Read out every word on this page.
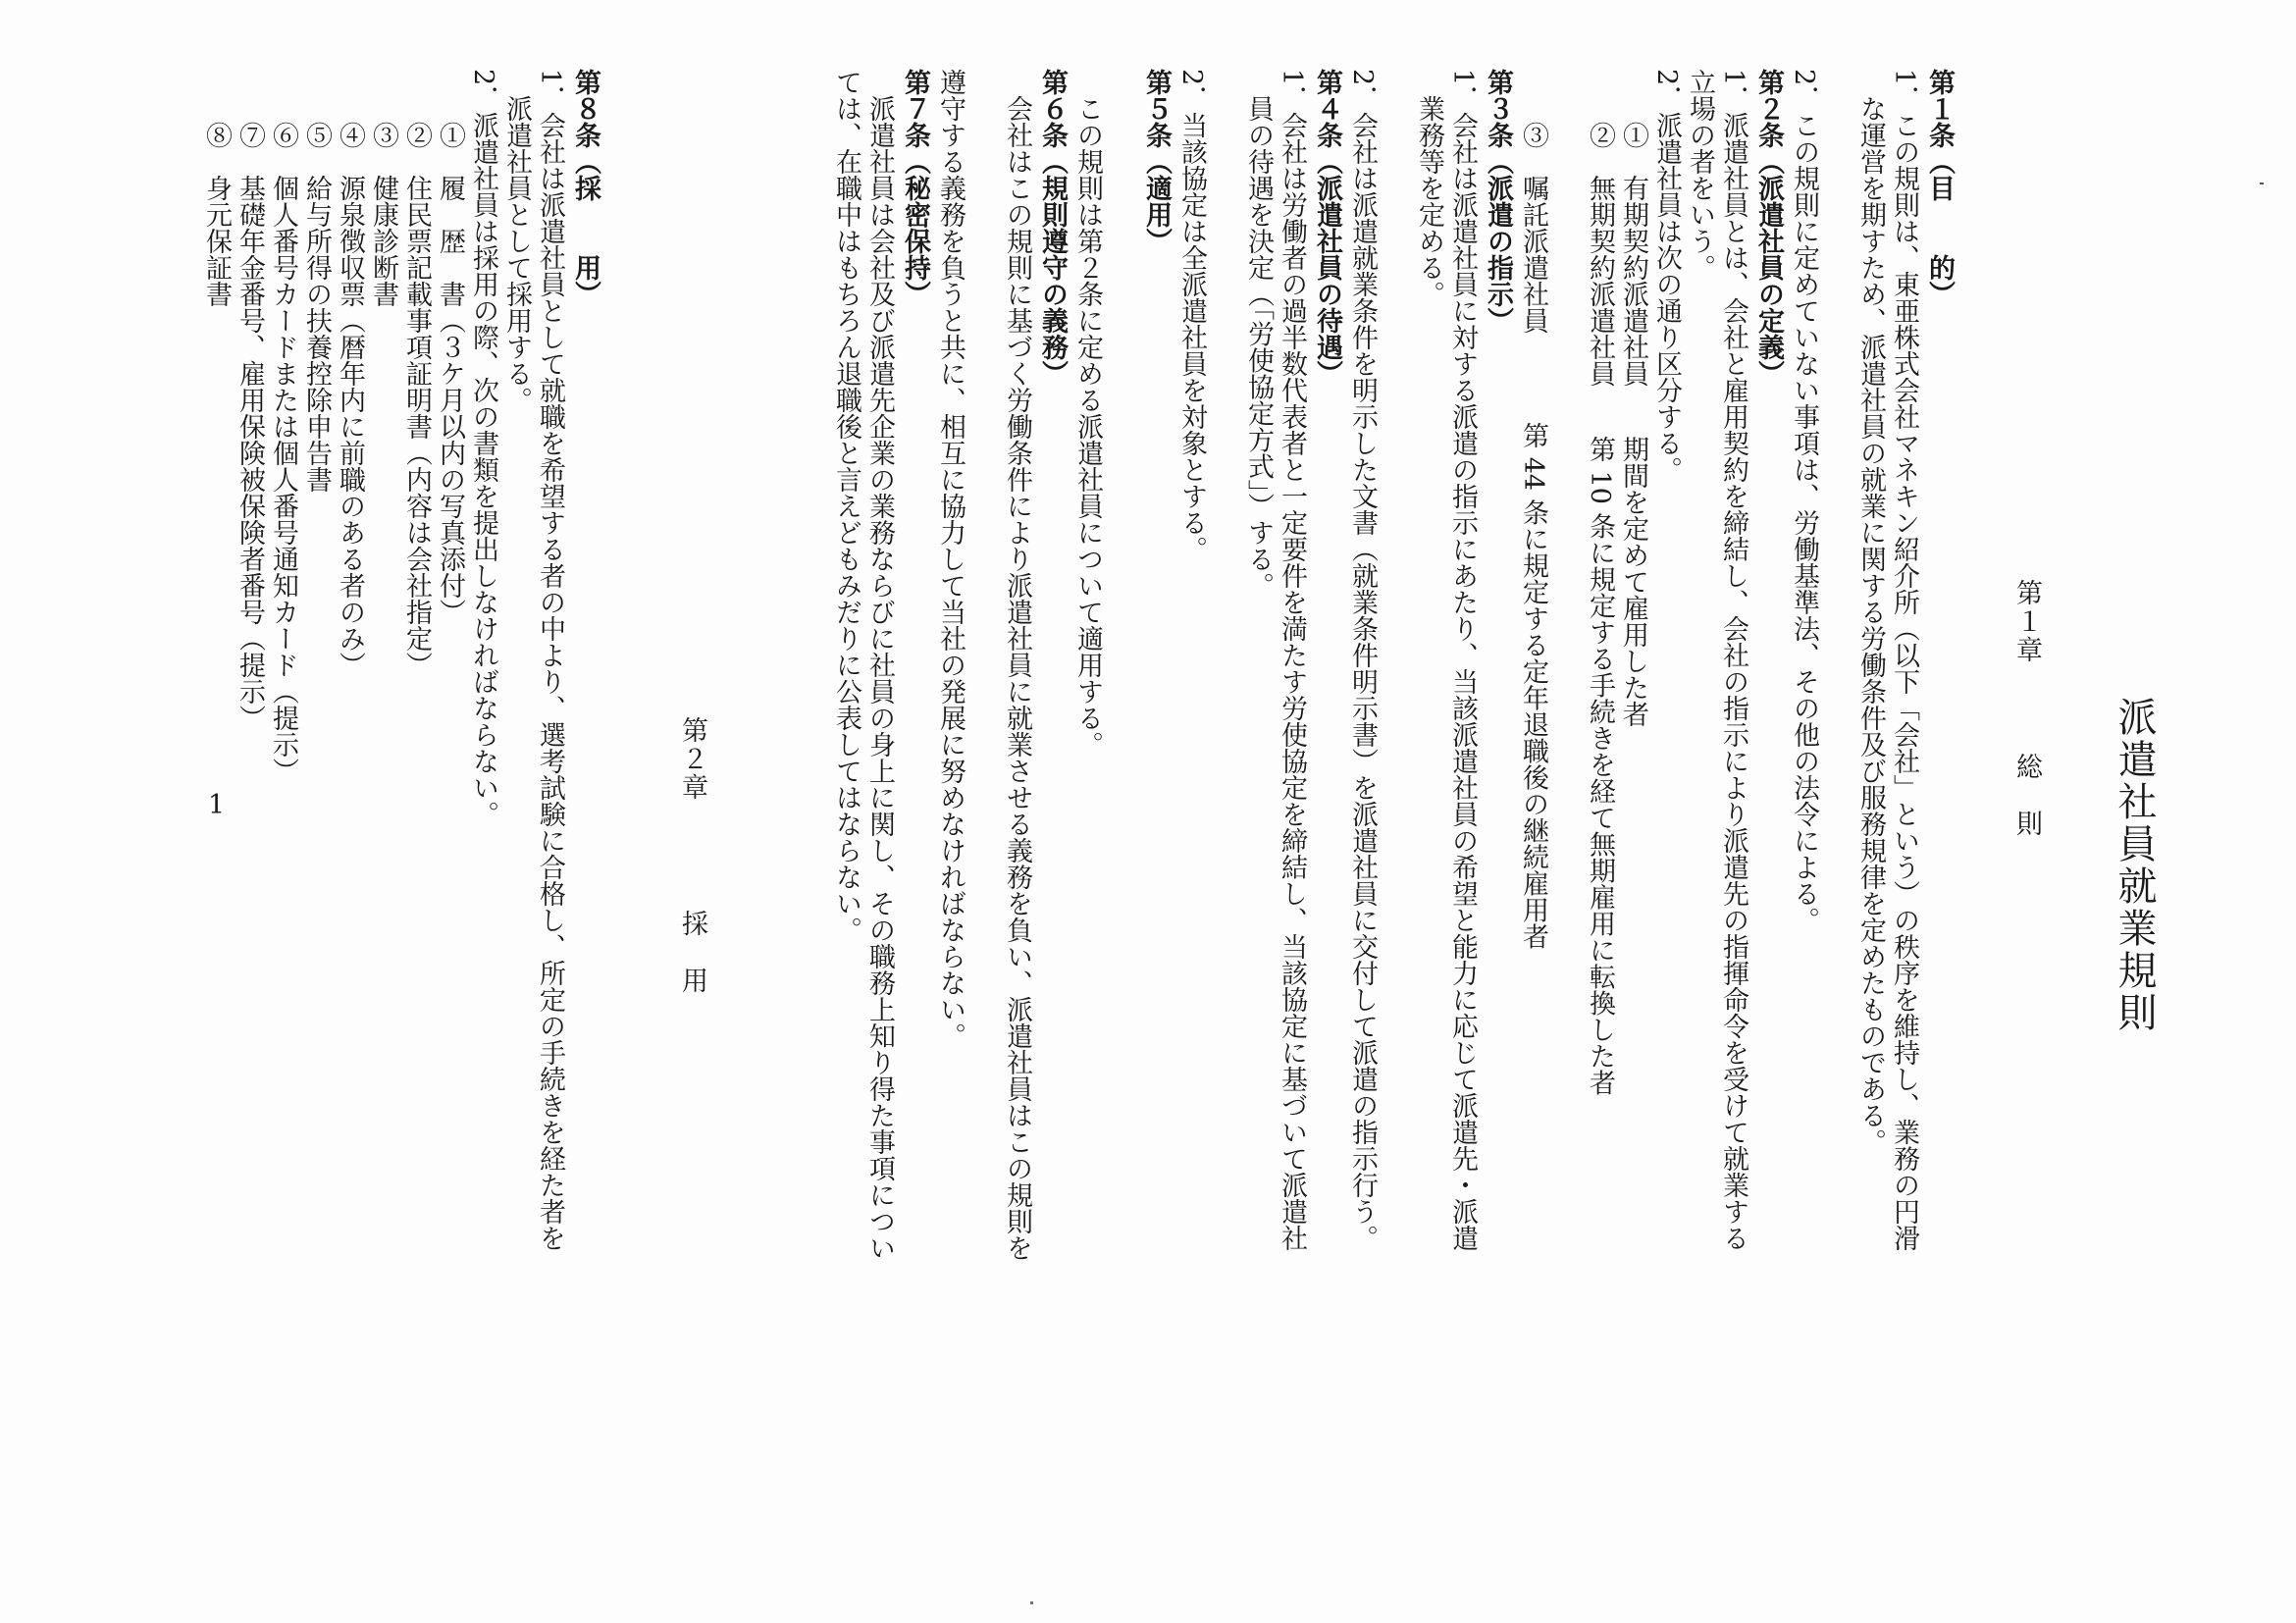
派遣社員就業規則
第１章総　則
第１条（目　　的）
1．この規則は、東亜株式会社マネキン紹介所（以下「会社」という）の秩序を維持し、業務の円滑
な運営を期すため、派遣社員の就業に関する労働条件及び服務規律を定めたものである。
2．この規則に定めていない事項は、労働基準法、その他の法令による。
第２条（派遣社員の定義）
1．派遣社員とは、会社と雇用契約を締結し、会社の指示により派遣先の指揮命令を受けて就業する
立場の者をいう。
2．派遣社員は次の通り区分する。
①　有期契約派遣社員期間を定めて雇用した者
②　無期契約派遣社員第 10 条に規定する手続きを経て無期雇用に転換した者
③　嘱託派遣社員第 44 条に規定する定年退職後の継続雇用者
第３条（派遣の指示）
1．会社は派遣社員に対する派遣の指示にあたり、当該派遣社員の希望と能力に応じて派遣先・派遣
業務等を定める。
2．会社は派遣就業条件を明示した文書（就業条件明示書）を派遣社員に交付して派遣の指示行う。
第４条（派遣社員の待遇）
1．会社は労働者の過半数代表者と一定要件を満たす労使協定を締結し、当該協定に基づいて派遣社
員の待遇を決定（「労使協定方式」）する。
2．当該協定は全派遣社員を対象とする。
第５条（適用）
この規則は第２条に定める派遣社員について適用する。
第６条（規則遵守の義務）
会社はこの規則に基づく労働条件により派遣社員に就業させる義務を負い、派遣社員はこの規則を
遵守する義務を負うと共に、相互に協力して当社の発展に努めなければならない。
第７条（秘密保持）
派遣社員は会社及び派遣先企業の業務ならびに社員の身上に関し、その職務上知り得た事項につい
ては、在職中はもちろん退職後と言えどもみだりに公表してはならない。
第２章採　用
第８条（採　　用）
1．会社は派遣社員として就職を希望する者の中より、選考試験に合格し、所定の手続きを経た者を
派遣社員として採用する。
2．派遣社員は採用の際、次の書類を提出しなければならない。
①　履　歴　書（３ケ月以内の写真添付）
②　住民票記載事項証明書（内容は会社指定）
③　健康診断書
④　源泉徴収票（暦年内に前職のある者のみ）
⑤　給与所得の扶養控除申告書
⑥　個人番号カードまたは個人番号通知カード（提示）
⑦　基礎年金番号、雇用保険被保険者番号（提示）
⑧　身元保証書
1
